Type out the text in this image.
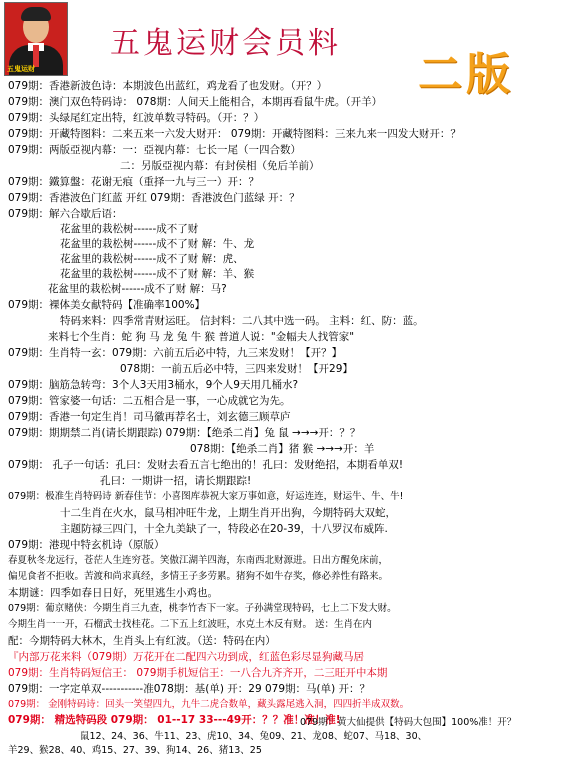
五鬼运财
五鬼运财会员料
二版
079期：香港新波色诗：本期波色出蓝红，鸡龙看了也发财。（开？）
079期：澳门双色特码诗： 078期：人间天上能相合，本期再看鼠牛虎。（开羊）
079期：头绿尾红定出特，红波单数寻特码。（开：？）
079期：开藏特图料：二来五来一六发大财开： 079期：开藏特图料：三来九来一四发大财开：？
079期：两版亞视内幕：一：亞视内幕：七长一尾（一四合数）
二：另版亞视内幕：有封侯相（免后羊前）
079期：鐵算盤：花谢无痕（重择一九与三一）开：？
079期：香港波色门红蓝 开红 079期：香港波色门蓝绿 开：？
079期：解六合歇后语：
花盆里的栽松树------成不了财
花盆里的栽松树------成不了财 解：牛、龙
花盆里的栽松树------成不了财 解：虎、
花盆里的栽松树------成不了财 解：羊、猴
花盆里的栽松树------成不了财 解：马?
079期：裸体美女献特码【准确率100%】
特码来料：四季常青财运旺。 信封料：二八其中选一码。 主料：红、防：蓝。
来料七个生肖：蛇 狗 马 龙 兔 牛 猴 普道人说："金幅夫人找管家"
079期：生肖特一玄：079期：六前五后必中特，九三来发财！【开？】
078期：一前五后必中特，三四来发财！【开29】
079期：脑筋急转弯：3个人3天用3桶水，9个人9天用几桶水?
079期：管家婆一句话：二五相合是一事，一心成就它为先。
079期：香港一句定生肖！司马徽再荐名士，刘玄德三顾草庐
079期：期期禁二肖(请长期跟踪) 079期：【绝杀二肖】兔 鼠 →→→开：？？
078期：【绝杀二肖】猪 猴 →→→开：羊
079期： 孔子一句话：孔曰：发财去看五言七绝出的！孔曰：发财绝招，本期看单双!
孔曰：一期讲一招，请长期跟踪!
079期：极准生肖特码诗 新春佳节：小喜图库恭祝大家万事如意，好运连连，财运牛、牛、牛!
十二生肖在火水，鼠马相冲旺牛龙，上期生肖开出狗，今期特码大双蛇，
主题防禄三四门，十全九美缺了一，特段必在20-39，十八罗汉布威阵.
079期：港现中特玄机诗（原版）
春夏秋冬龙远行，苍茫人生连穷苍。笑傲江湖羊四海，东南西北财源进。日出方醒免床前，
偏见食者不拒收。苦渡和尚求真经，多情王子多劳累。猪狗不如牛存奖，修必养性有路来。
本期谜：四季如春日日好，死里逃生小鸡也。
079期：葡京赌侠：今期生肖三九查，桃李竹杏下一家。子孙满堂现特码，七上二下发大财。
今期生肖一一开，石榴武士找桂花。二下五上红波旺，水克土木反有财。 送：生肖在内
配：今期特码大林木，生肖头上有红波。（送：特码在内）
『内部万花来料（079期）万花开在二配四六功到成，红蓝色彩尽显狗藏马居
079期：生肖特码短信王： 079期手机短信王：一八合九齐齐开，二三旺开中本期
079期：一字定单双-----------准078期：基(单) 开：29 079期：马(单) 开：？
079期： 金刚特码诗：回头一笑望四九，九牛二虎合数单，藏头露尾逃入洞，四四折半成双数。
079期： 精选特码段 079期： 01--17 33---49开：？？准！准！准!
079期：黄大仙提供【特码大包围】100%准！开？
鼠12、24、36、牛11、23、虎10、34、兔09、21、龙08、蛇07、马18、30、
羊29、猴28、40、鸡15、27、39、狗14、26、猪13、25
